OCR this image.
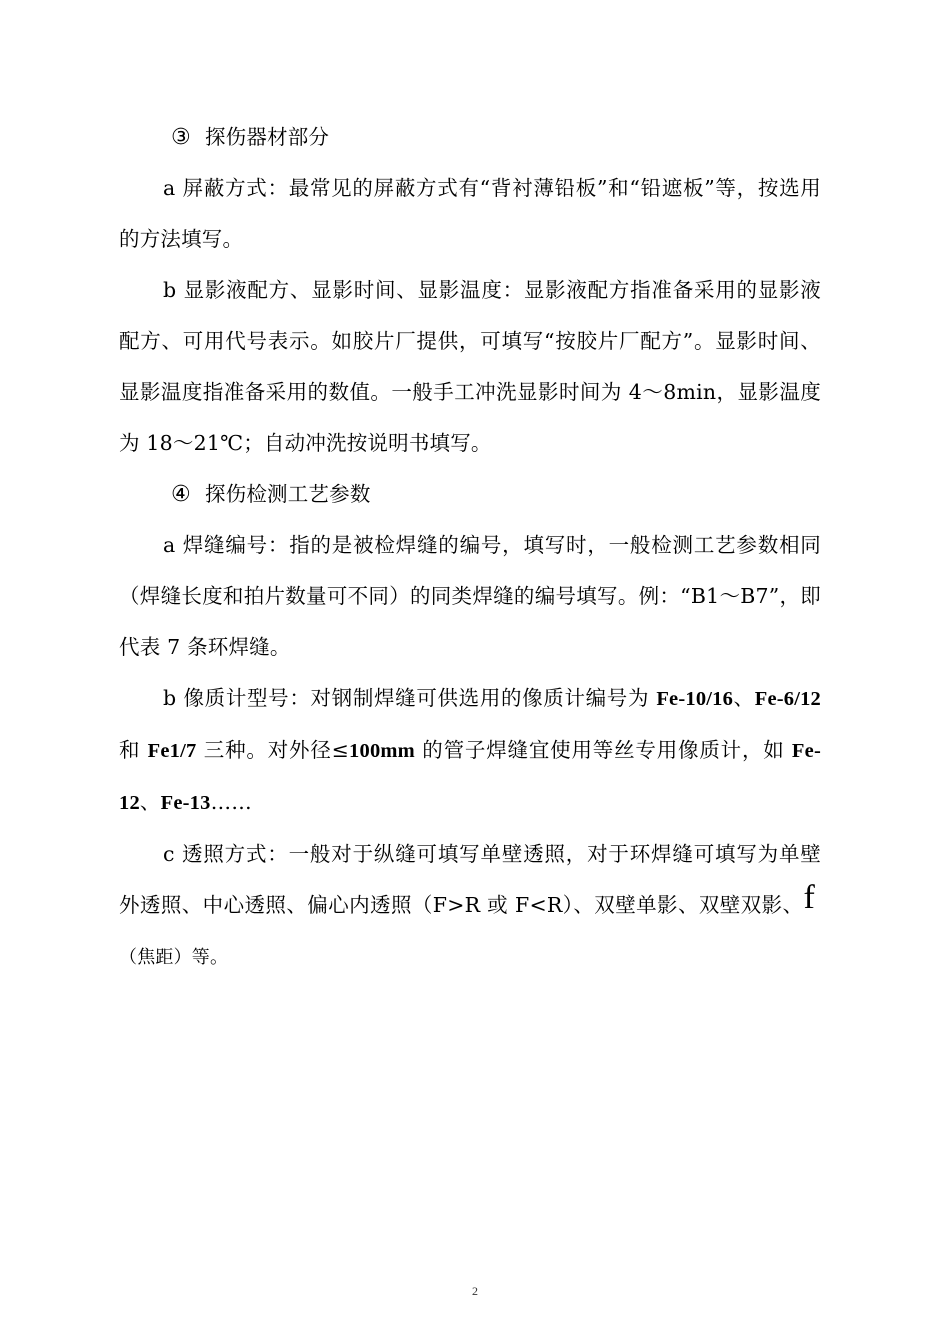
③ 探伤器材部分

a 屏蔽方式：最常见的屏蔽方式有“背衬薄铅板”和“铅遮板”等，按选用的方法填写。

b 显影液配方、显影时间、显影温度：显影液配方指准备采用的显影液配方、可用代号表示。如胶片厂提供，可填写“按胶片厂配方”。显影时间、显影温度指准备采用的数值。一般手工冲洗显影时间为 4～8min，显影温度为 18～21℃；自动冲洗按说明书填写。

④ 探伤检测工艺参数

a 焊缝编号：指的是被检焊缝的编号，填写时，一般检测工艺参数相同（焊缝长度和拍片数量可不同）的同类焊缝的编号填写。例：“B1～B7”，即代表 7 条环焊缝。

b 像质计型号：对钢制焊缝可供选用的像质计编号为 Fe-10/16、Fe-6/12 和 Fe1/7 三种。对外径≤100mm 的管子焊缝宜使用等丝专用像质计，如 Fe-12、Fe-13……

c 透照方式：一般对于纵缝可填写单壁透照，对于环焊缝可填写为单壁外透照、中心透照、偏心内透照（F>R 或 F<R）、双壁单影、双壁双影、f（焦距）等。

2
